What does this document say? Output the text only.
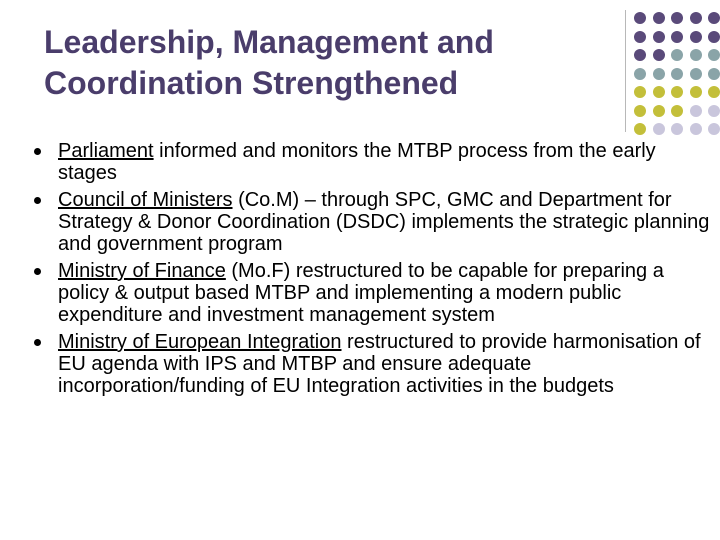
Leadership, Management and Coordination Strengthened
Parliament informed and monitors the MTBP process from the early stages
Council of Ministers (Co.M) – through SPC, GMC and Department for Strategy & Donor Coordination (DSDC) implements the strategic planning and government program
Ministry of Finance (Mo.F) restructured to be capable for preparing a policy & output based MTBP and implementing a modern public expenditure and investment management system
Ministry of European Integration restructured to provide harmonisation of EU agenda with IPS and MTBP and ensure adequate incorporation/funding of EU Integration activities in the budgets
